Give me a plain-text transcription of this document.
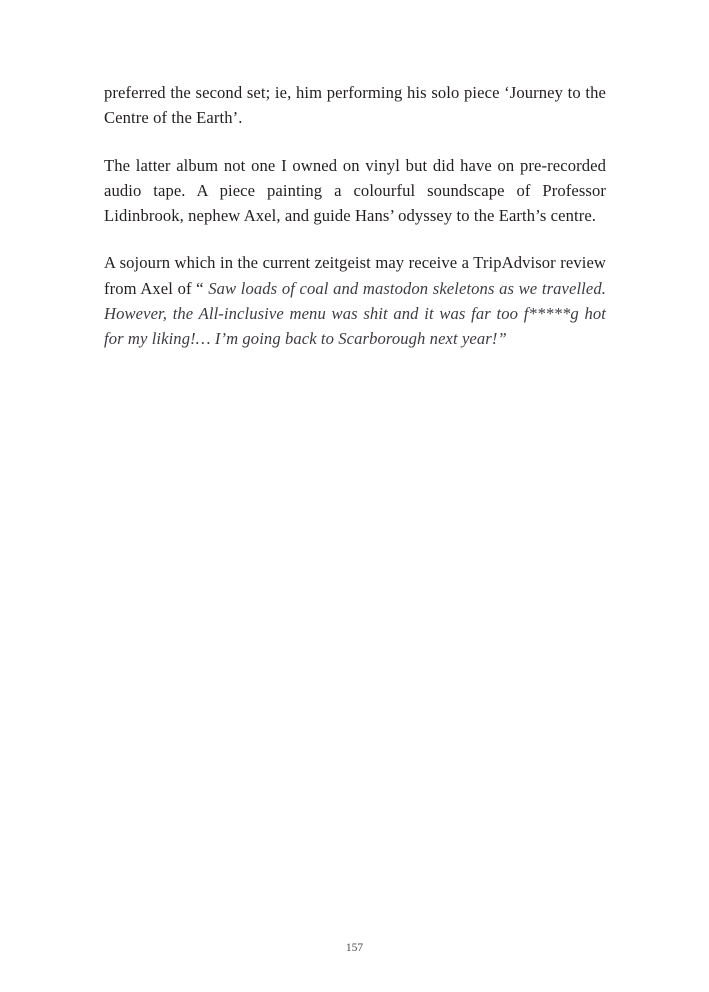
preferred the second set; ie, him performing his solo piece ‘Journey to the Centre of the Earth’.

The latter album not one I owned on vinyl but did have on pre-recorded audio tape. A piece painting a colourful soundscape of Professor Lidinbrook, nephew Axel, and guide Hans’ odyssey to the Earth’s centre.

A sojourn which in the current zeitgeist may receive a TripAdvisor review from Axel of “ Saw loads of coal and mastodon skeletons as we travelled. However, the All-inclusive menu was shit and it was far too f*****g hot for my liking!… I’m going back to Scarborough next year!”

157
